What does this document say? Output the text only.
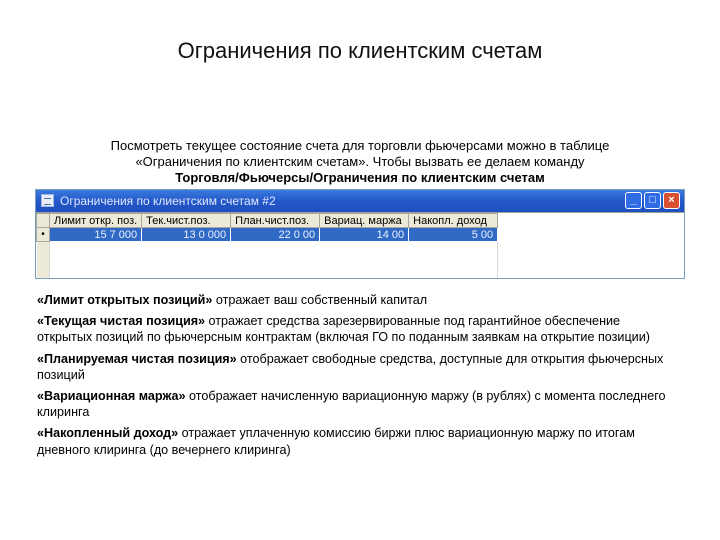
Ограничения по клиентским счетам
Посмотреть текущее состояние счета для торговли фьючерсами можно в таблице
«Ограничения по клиентским счетам». Чтобы вызвать ее делаем команду
Торговля/Фьючерсы/Ограничения по клиентским счетам
Ограничения по клиентским счетам #2	_	□	×
	Лимит откр. поз.	Тек.чист.поз.	План.чист.поз.	Вариац. маржа	Накопл. доход
•	15 7 000	13 0 000	22 0 00	14 00	5 00

«Лимит открытых позиций» отражает ваш собственный капитал

«Текущая чистая позиция» отражает средства зарезервированные под гарантийное обеспечение открытых позиций по фьючерсным контрактам (включая ГО по поданным заявкам на открытие позиции)

«Планируемая чистая позиция» отображает свободные средства, доступные для открытия фьючерсных позиций

«Вариационная маржа» отображает начисленную вариационную маржу (в рублях) с момента последнего клиринга

«Накопленный доход» отражает уплаченную комиссию биржи плюс вариационную маржу по итогам дневного клиринга (до вечернего клиринга)
